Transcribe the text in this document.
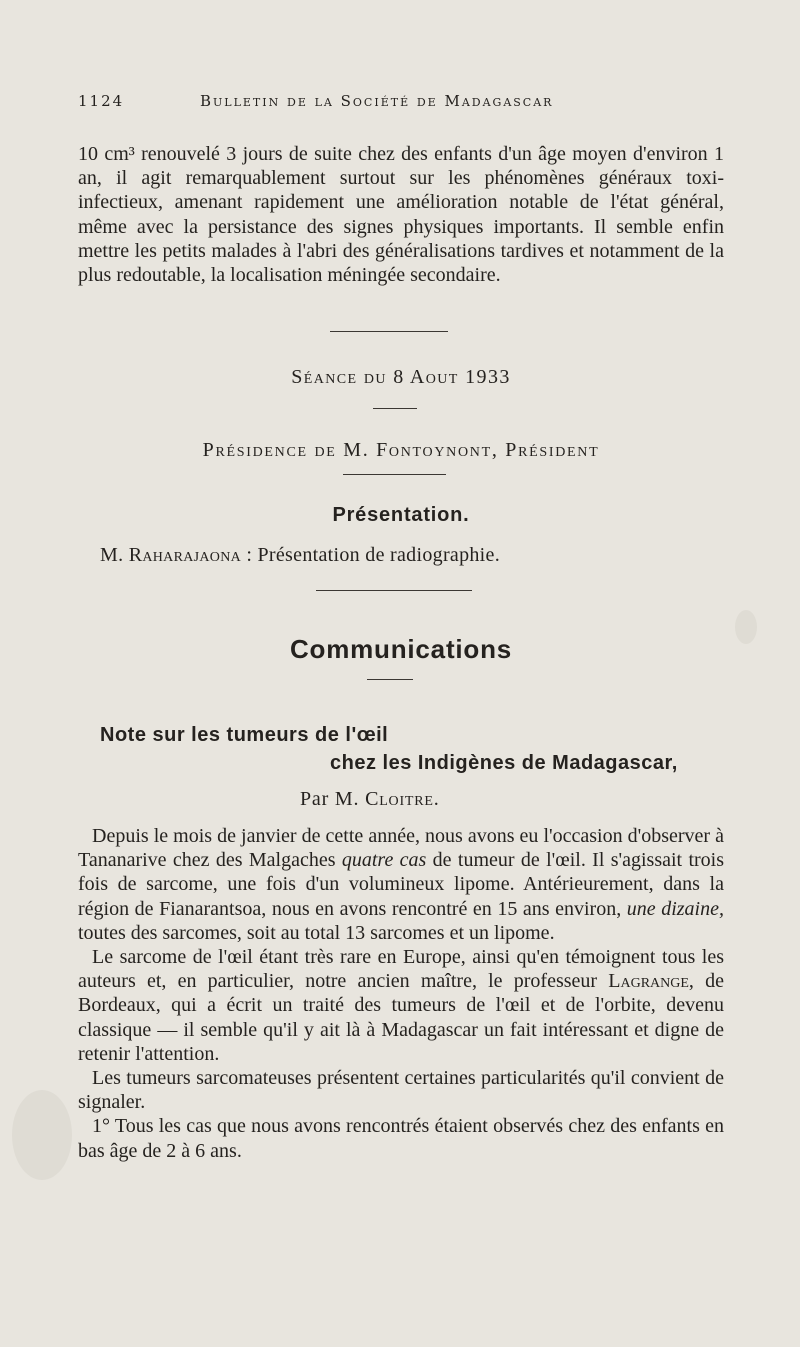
1124	Bulletin de la Société de Madagascar
10 cm³ renouvelé 3 jours de suite chez des enfants d'un âge moyen d'environ 1 an, il agit remarquablement surtout sur les phénomènes généraux toxi-infectieux, amenant rapidement une amélioration notable de l'état général, même avec la persistance des signes physiques importants. Il semble enfin mettre les petits malades à l'abri des généralisations tardives et notamment de la plus redoutable, la localisation méningée secondaire.
Séance du 8 Aout 1933
Présidence de M. Fontoynont, Président
Présentation.
M. Raharajaona : Présentation de radiographie.
Communications
Note sur les tumeurs de l'œil
chez les Indigènes de Madagascar,
Par M. Cloitre.

Depuis le mois de janvier de cette année, nous avons eu l'occasion d'observer à Tananarive chez des Malgaches quatre cas de tumeur de l'œil. Il s'agissait trois fois de sarcome, une fois d'un volumineux lipome. Antérieurement, dans la région de Fianarantsoa, nous en avons rencontré en 15 ans environ, une dizaine, toutes des sarcomes, soit au total 13 sarcomes et un lipome.

Le sarcome de l'œil étant très rare en Europe, ainsi qu'en témoignent tous les auteurs et, en particulier, notre ancien maître, le professeur Lagrange, de Bordeaux, qui a écrit un traité des tumeurs de l'œil et de l'orbite, devenu classique — il semble qu'il y ait là à Madagascar un fait intéressant et digne de retenir l'attention.

Les tumeurs sarcomateuses présentent certaines particularités qu'il convient de signaler.

1° Tous les cas que nous avons rencontrés étaient observés chez des enfants en bas âge de 2 à 6 ans.
